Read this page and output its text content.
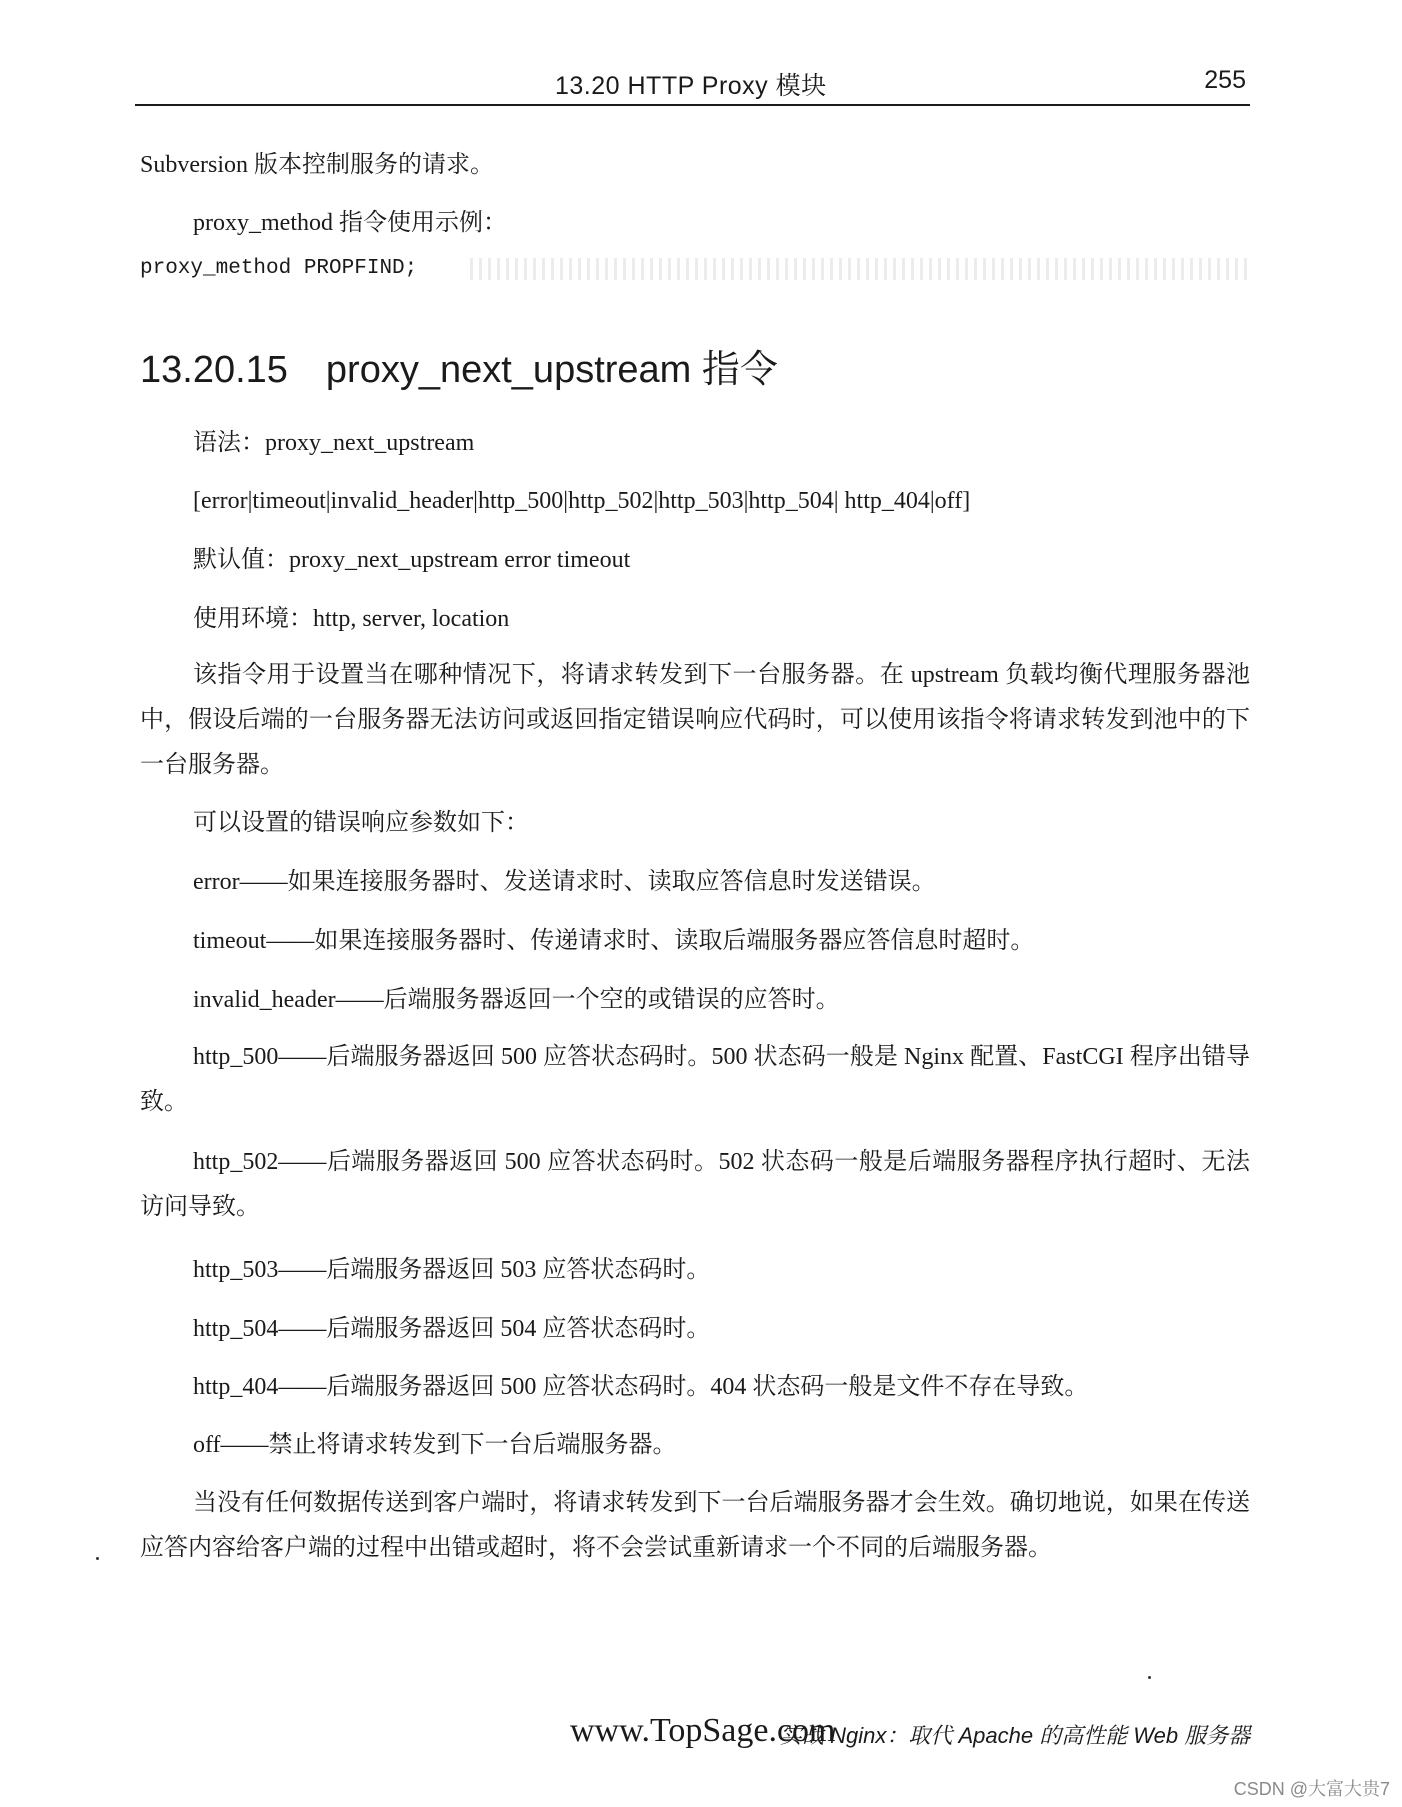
13.20 HTTP Proxy 模块	255
Subversion 版本控制服务的请求。
proxy_method 指令使用示例：
proxy_method PROPFIND;
13.20.15 proxy_next_upstream 指令
语法：proxy_next_upstream
[error|timeout|invalid_header|http_500|http_502|http_503|http_504| http_404|off]
默认值：proxy_next_upstream error timeout
使用环境：http, server, location
该指令用于设置当在哪种情况下，将请求转发到下一台服务器。在 upstream 负载均衡代理服务器池中，假设后端的一台服务器无法访问或返回指定错误响应代码时，可以使用该指令将请求转发到池中的下一台服务器。
可以设置的错误响应参数如下：
error——如果连接服务器时、发送请求时、读取应答信息时发送错误。
timeout——如果连接服务器时、传递请求时、读取后端服务器应答信息时超时。
invalid_header——后端服务器返回一个空的或错误的应答时。
http_500——后端服务器返回 500 应答状态码时。500 状态码一般是 Nginx 配置、FastCGI 程序出错导致。
http_502——后端服务器返回 500 应答状态码时。502 状态码一般是后端服务器程序执行超时、无法访问导致。
http_503——后端服务器返回 503 应答状态码时。
http_504——后端服务器返回 504 应答状态码时。
http_404——后端服务器返回 500 应答状态码时。404 状态码一般是文件不存在导致。
off——禁止将请求转发到下一台后端服务器。
当没有任何数据传送到客户端时，将请求转发到下一台后端服务器才会生效。确切地说，如果在传送应答内容给客户端的过程中出错或超时，将不会尝试重新请求一个不同的后端服务器。
www.TopSage.com
实战 Nginx：取代 Apache 的高性能 Web 服务器
CSDN @大富大贵7
